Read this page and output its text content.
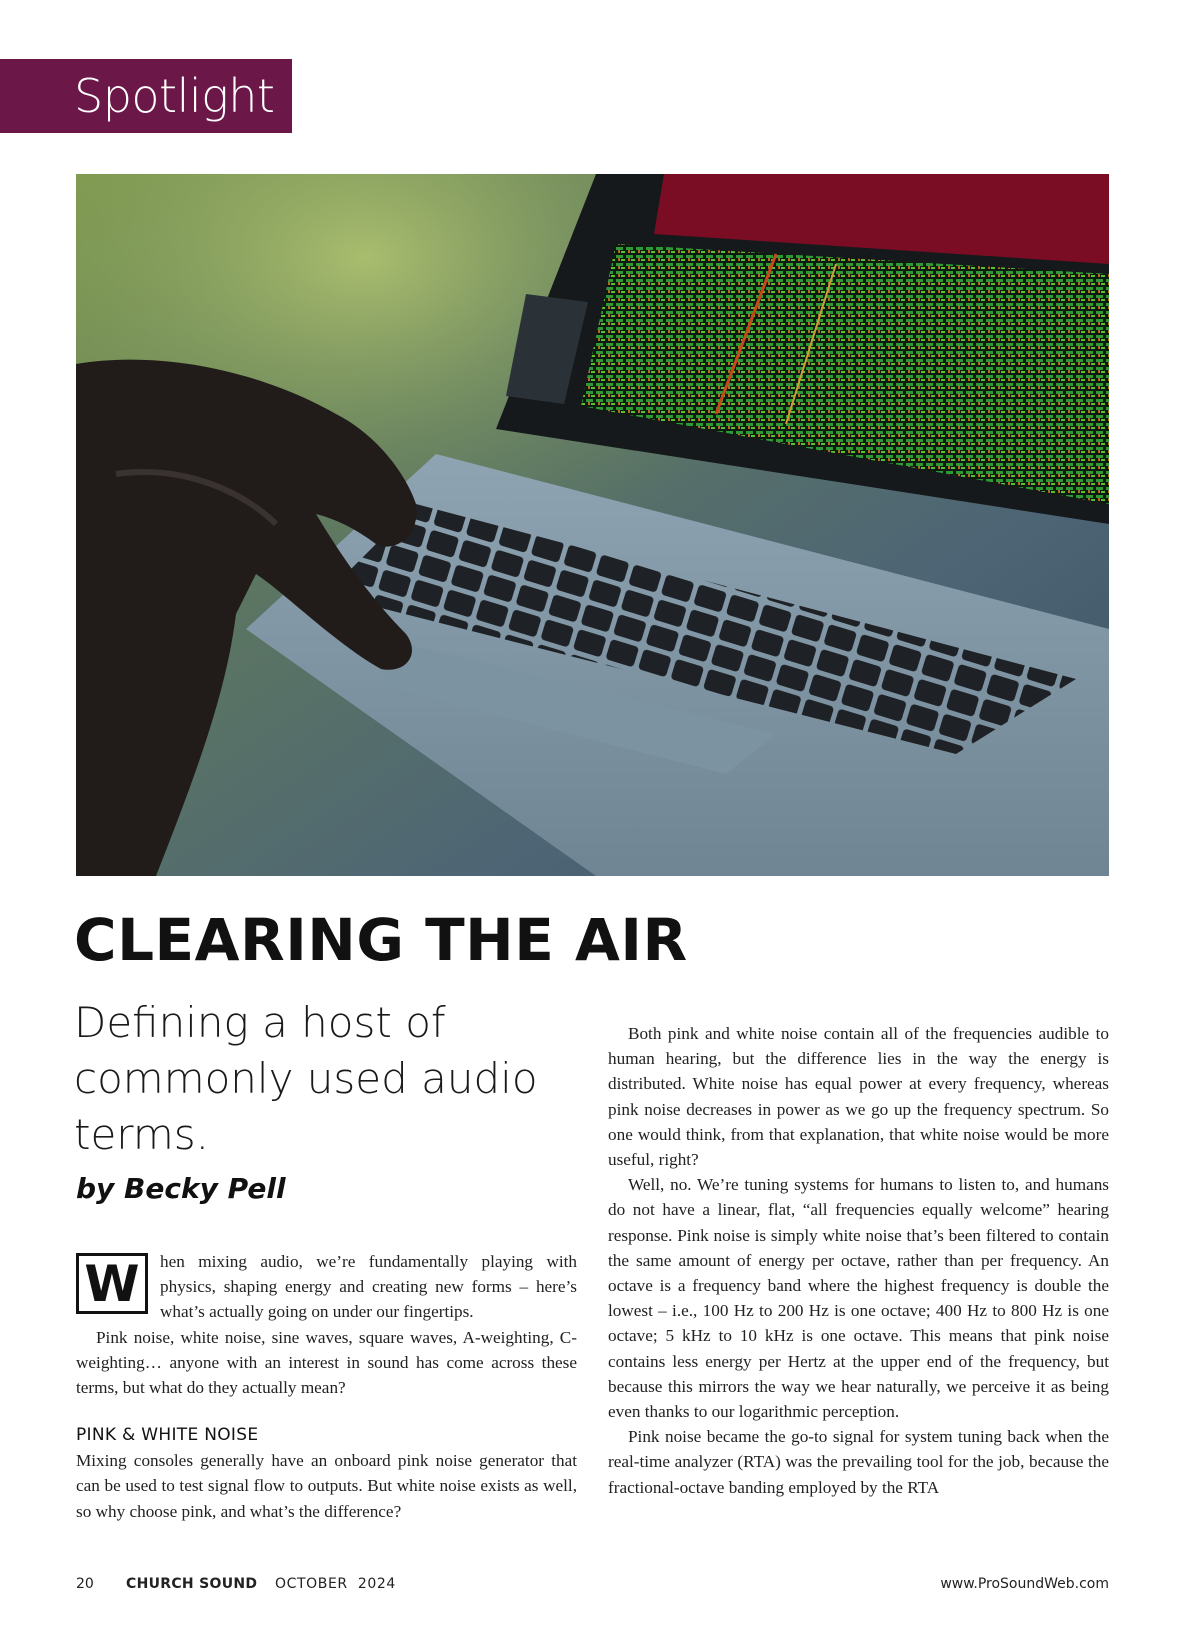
Spotlight
CLEARING THE AIR

Defining a host of commonly used audio terms.

by Becky Pell

W	hen mixing audio, we’re fundamentally playing with physics, shaping energy and creating new forms – here’s what’s actually going on under our fingertips.

Pink noise, white noise, sine waves, square waves, A-weighting, C-weighting… anyone with an interest in sound has come across these terms, but what do they actually mean?

PINK & WHITE NOISE

Mixing consoles generally have an onboard pink noise generator that can be used to test signal flow to outputs. But white noise exists as well, so why choose pink, and what’s the difference?

Both pink and white noise contain all of the frequencies audible to human hearing, but the difference lies in the way the energy is distributed. White noise has equal power at every frequency, whereas pink noise decreases in power as we go up the frequency spectrum. So one would think, from that explanation, that white noise would be more useful, right?

Well, no. We’re tuning systems for humans to listen to, and humans do not have a linear, flat, “all frequencies equally welcome” hearing response. Pink noise is simply white noise that’s been filtered to contain the same amount of energy per octave, rather than per frequency. An octave is a frequency band where the highest frequency is double the lowest – i.e., 100 Hz to 200 Hz is one octave; 400 Hz to 800 Hz is one octave; 5 kHz to 10 kHz is one octave. This means that pink noise contains less energy per Hertz at the upper end of the frequency, but because this mirrors the way we hear naturally, we perceive it as being even thanks to our logarithmic perception.

Pink noise became the go-to signal for system tuning back when the real-time analyzer (RTA) was the prevailing tool for the job, because the fractional-octave banding employed by the RTA

20 CHURCH SOUND OCTOBER  2024	www.ProSoundWeb.com
